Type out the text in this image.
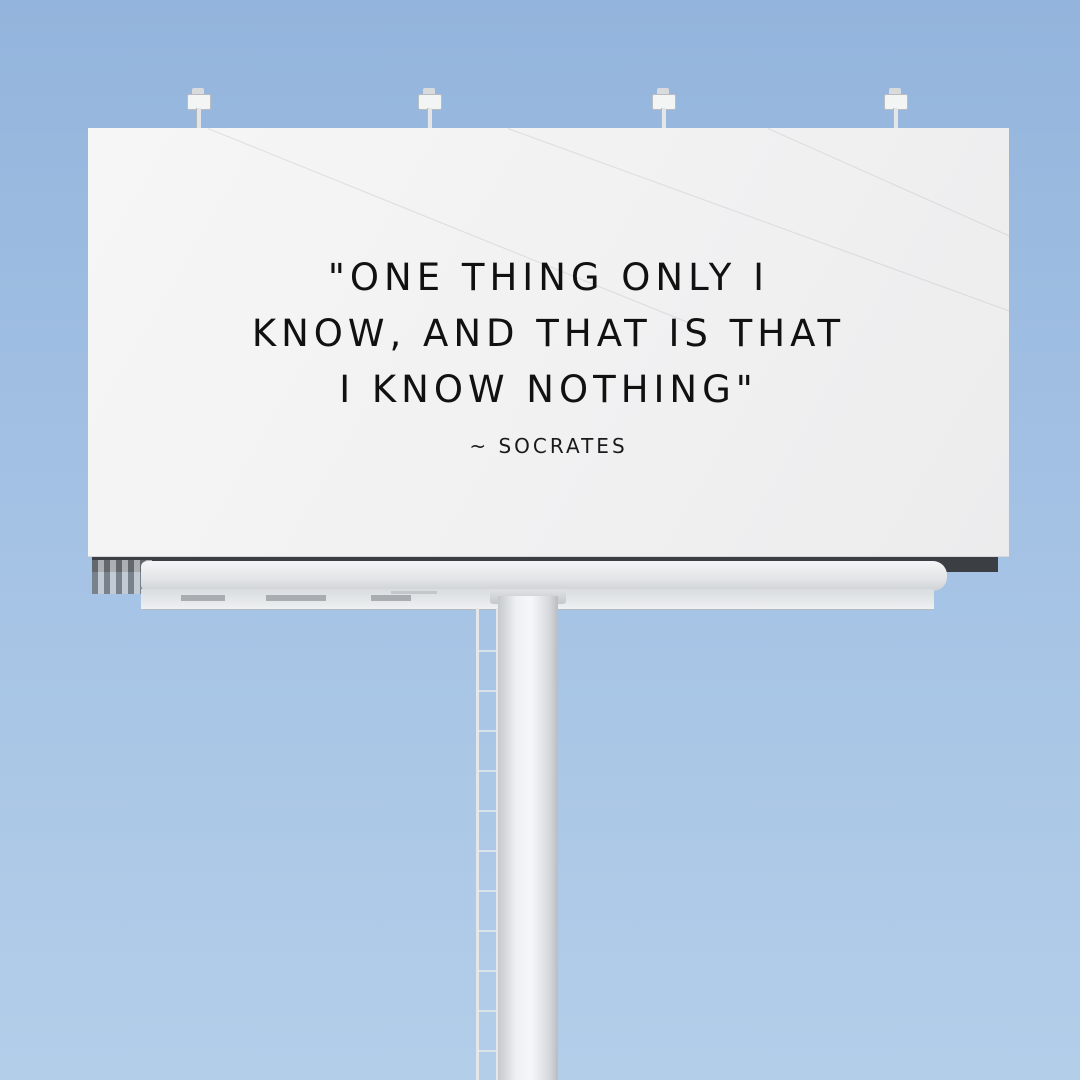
"ONE THING ONLY I
KNOW, AND THAT IS THAT
I KNOW NOTHING"
~ SOCRATES
